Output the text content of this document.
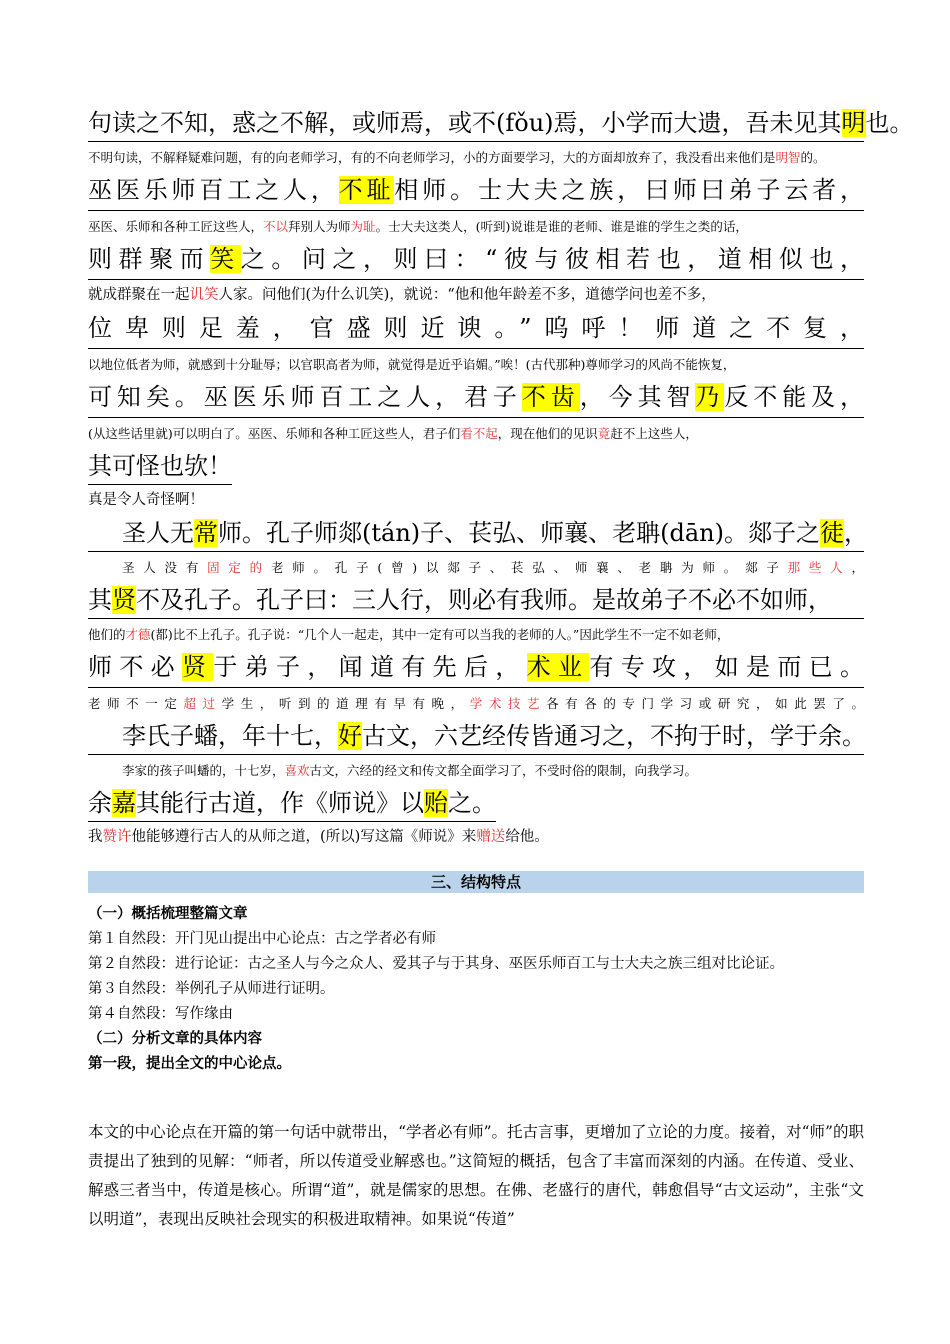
句读之不知，惑之不解，或师焉，或不(fǒu)焉，小学而大遗，吾未见其明也。

不明句读，不解释疑难问题，有的向老师学习，有的不向老师学习，小的方面要学习，大的方面却放弃了，我没看出来他们是明智的。

巫医乐师百工之人，不耻相师。士大夫之族，曰师曰弟子云者，

巫医、乐师和各种工匠这些人，不以拜别人为师为耻。士大夫这类人，(听到)说谁是谁的老师、谁是谁的学生之类的话，

则群聚而笑之。问之，则曰：“彼与彼相若也，道相似也，

就成群聚在一起讥笑人家。问他们(为什么讥笑)，就说：“他和他年龄差不多，道德学问也差不多，

位卑则足羞，官盛则近谀。”呜呼！师道之不复，

以地位低者为师，就感到十分耻辱；以官职高者为师，就觉得是近乎谄媚。”唉！(古代那种)尊师学习的风尚不能恢复，

可知矣。巫医乐师百工之人，君子不齿，今其智乃反不能及，

(从这些话里就)可以明白了。巫医、乐师和各种工匠这些人，君子们看不起，现在他们的见识竟赶不上这些人，

其可怪也欤！

真是令人奇怪啊！

圣人无常师。孔子师郯(tán)子、苌弘、师襄、老聃(dān)。郯子之徒，

圣人没有固定的老师。孔子(曾)以郯子、苌弘、师襄、老聃为师。郯子那些人，

其贤不及孔子。孔子曰：三人行，则必有我师。是故弟子不必不如师，

他们的才德(都)比不上孔子。孔子说：“几个人一起走，其中一定有可以当我的老师的人。”因此学生不一定不如老师，

师不必贤于弟子，闻道有先后，术业有专攻，如是而已。

老师不一定超过学生，听到的道理有早有晚，学术技艺各有各的专门学习或研究，如此罢了。

李氏子蟠，年十七，好古文，六艺经传皆通习之，不拘于时，学于余。

李家的孩子叫蟠的，十七岁，喜欢古文，六经的经文和传文都全面学习了，不受时俗的限制，向我学习。

余嘉其能行古道，作《师说》以贻之。

我赞许他能够遵行古人的从师之道，(所以)写这篇《师说》来赠送给他。

三、结构特点

（一）概括梳理整篇文章

第１自然段：开门见山提出中心论点：古之学者必有师

第２自然段：进行论证：古之圣人与今之众人、爱其子与于其身、巫医乐师百工与士大夫之族三组对比论证。

第３自然段：举例孔子从师进行证明。

第４自然段：写作缘由

（二）分析文章的具体内容

第一段，提出全文的中心论点。

本文的中心论点在开篇的第一句话中就带出，“学者必有师”。托古言事，更增加了立论的力度。接着，对“师”的职责提出了独到的见解：“师者，所以传道受业解惑也。”这简短的概括，包含了丰富而深刻的内涵。在传道、受业、解惑三者当中，传道是核心。所谓“道”，就是儒家的思想。在佛、老盛行的唐代，韩愈倡导“古文运动”，主张“文以明道”，表现出反映社会现实的积极进取精神。如果说“传道”
